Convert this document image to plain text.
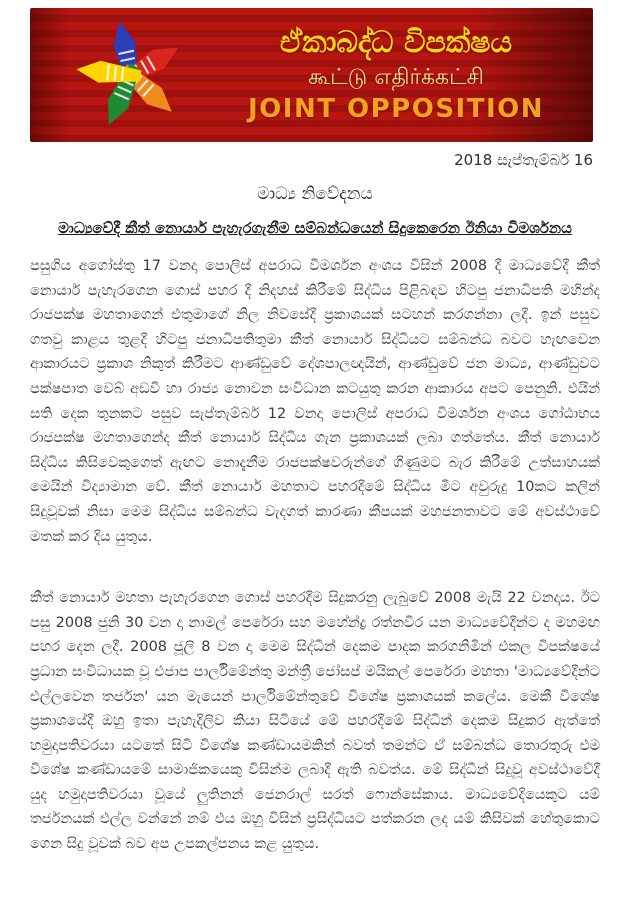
ඒකාබද්ධ විපක්ෂය
கூட்டு எதிர்க்கட்சி
JOINT OPPOSITION
2018 සැප්තැම්බර් 16
මාධ්‍ය නිවේදනය
මාධ්‍යවේදී කීත් නොයාර් පැහැරගැනීම සම්බන්ධයෙන් සිදුකෙරෙන ඊනියා විමර්ශනය

පසුගිය අගෝස්තු 17 වනදා පොලිස් අපරාධ විමර්ශන අංශය විසින් 2008 දී මාධ්‍යවේදී කීත් නොයාර් පැහැරගෙන ගොස් පහර දී නිදහස් කිරීමේ සිද්ධිය පිළිබඳව හිටපු ජනාධිපති මහින්ද රාජපක්ෂ මහතාගෙන් එතුමාගේ නිල නිවසේදී ප්‍රකාශයක් සටහන් කරගන්නා ලදී. ඉන් පසුව ගතවු කාළය තුළදී හිටපු ජනාධිපතිතුමා කීත් නොයාර් සිද්ධියට සම්බන්ධ බවට හැඟවෙන ආකාරයට ප්‍රකාශ නිකුත් කිරීමට ආණ්ඩුවේ දේශපාලඥයින්, ආණ්ඩුවේ ජන මාධ්‍ය, ආණ්ඩුවට පක්ෂපාත වෙබ් අඩවි හා රාජ්‍ය නොවන සංවිධාන කටයුතු කරන ආකාරය අපට පෙනුනි. එයින් සති දෙක තුනකට පසුව සැප්තැම්බර් 12 වනදා පොලිස් අපරාධ විමර්ශන අංශය ගෝඨාභය රාජපක්ෂ මහතාගෙන්ද කීත් නොයාර් සිද්ධිය ගැන ප්‍රකාශයක් ලබා ගත්තේය. කීත් නොයාර් සිද්ධිය කිසිවෙකුගෙත් ඇඟට නොදැනීම රාජපක්ෂවරුන්ගේ ගිණුමට බැර කිරීමේ උත්සාහයක් මෙයින් විද්‍යාමාන වේ. කීත් නොයාර් මහතාට පහරදීමේ සිද්ධිය මීට අවුරුදු 10කට කලින් සිදුවූවක් නිසා මෙම සිද්ධිය සම්බන්ධ වැදගත් කාරණා කීපයක් මහජනතාවට මේ අවස්ථාවේ මතක් කර දිය යුතුය.

කීත් නොයාර් මහතා පැහැරගෙන ගොස් පහරදීම සිදුකරනු ලැබුවේ 2008 මැයි 22 වනදාය. ඊට පසු 2008 ජුනි 30 වන දා නාමල් පෙරේරා සහ මහේන්ද්‍ර රත්නවීර යන මාධ්‍යවේදීන්ට ද මහමඟ පහර දෙන ලදී. 2008 ජූලි 8 වන දා මෙම සිද්ධීන් දෙකම පාදක කරගනිමින් එකල විපක්ෂයේ ප්‍රධාන සංවිධායක වූ එජාප පාර්ලිමේන්තු මන්ත්‍රී ජෝසප් මයිකල් පෙරේරා මහතා 'මාධ්‍යවේදීන්ට එල්ලවෙන තර්ජන' යන මැයෙන් පාර්ලිමේන්තුවේ විශේෂ ප්‍රකාශයක් කලේය. මෙකී විශේෂ ප්‍රකාශයේදී ඔහු ඉතා පැහැදිලිව කියා සිටියේ මේ පහරදීමේ සිද්ධීන් දෙකම සිදුකර ඇත්තේ හමුදාපතිවරයා යටතේ සිටි විශේෂ කණ්ඩායමකින් බවත් තමන්ට ඒ සම්බන්ධ තොරතුරු එම විශේෂ කණ්ඩායමේ සාමාජිකයෙකු විසින්ම ලබාදී ඇති බවත්ය. මේ සිද්ධීන් සිදුවූ අවස්ථාවේදී යුද හමුදාපතිවරයා වූයේ ලුතිනන් ජෙනරාල් සරත් ෆොන්සේකාය. මාධ්‍යවේදියෙකුට යම් තර්ජනයක් එල්ල වන්නේ නම් එය ඔහු විසින් ප්‍රසිද්ධියට පත්කරන ලද යම් කිසිවක් හේතුකොට ගෙන සිදු වූවක් බව අප උපකල්පනය කළ යුතුය.
